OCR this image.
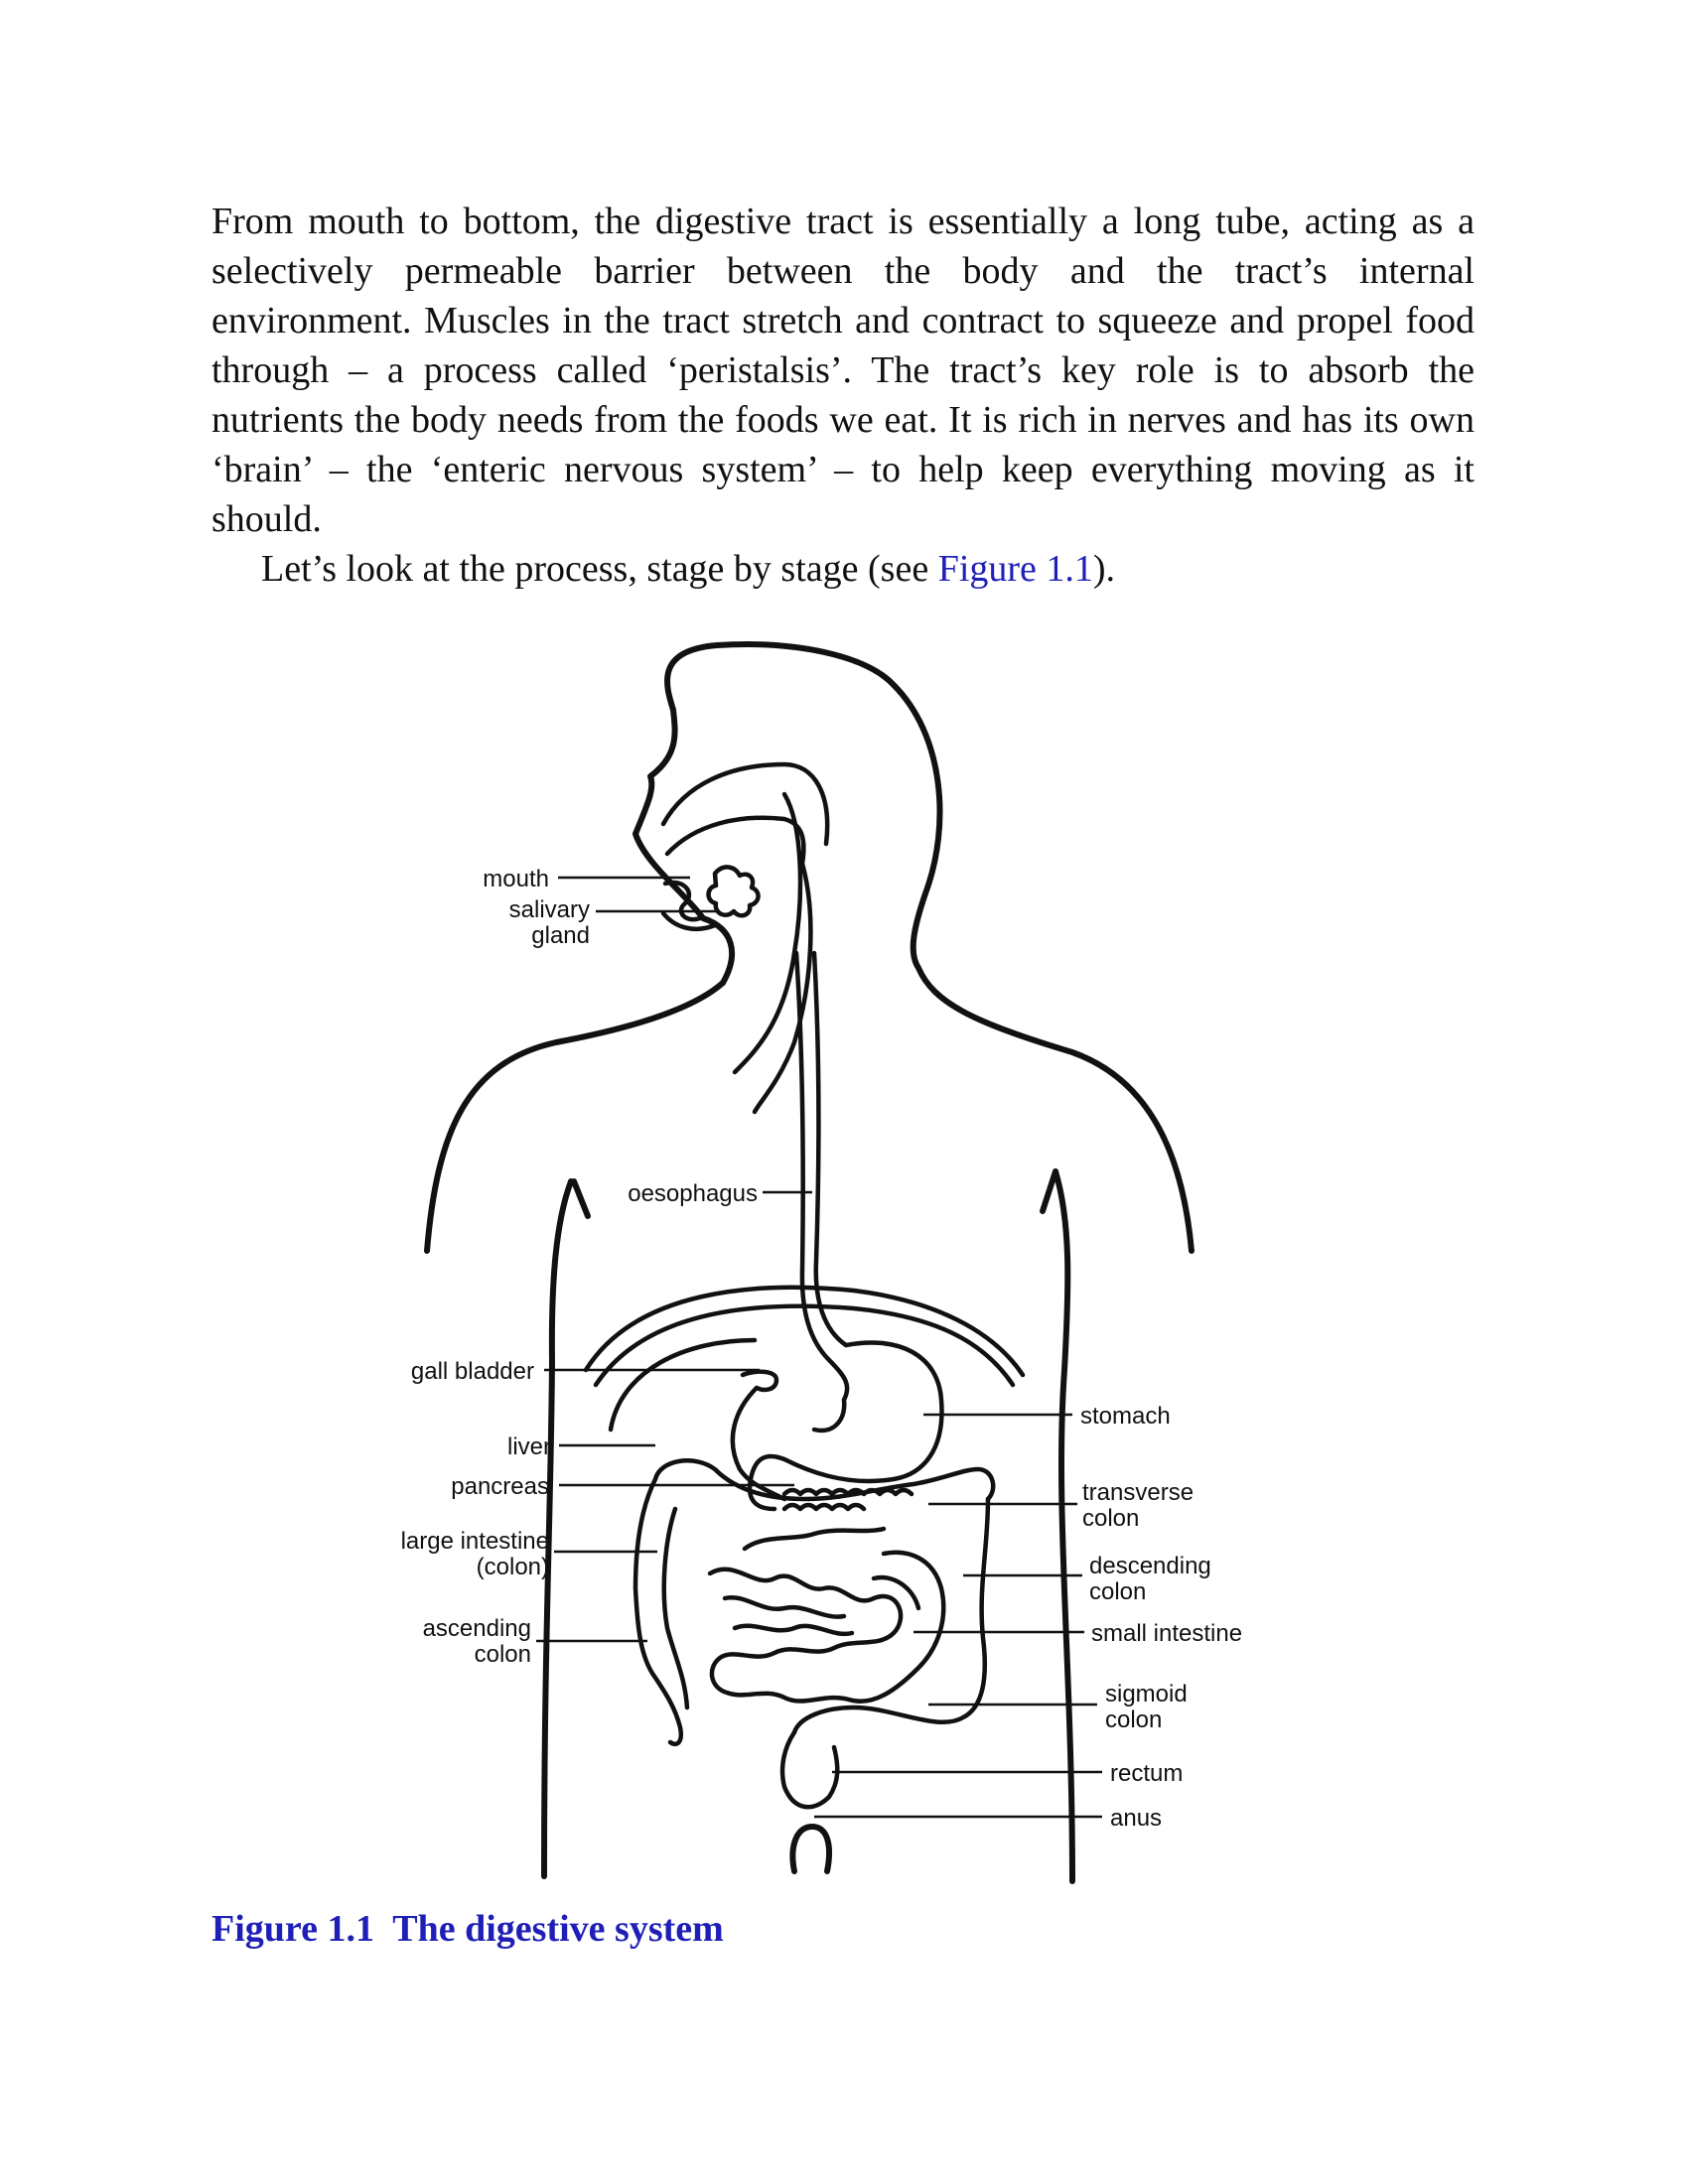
From mouth to bottom, the digestive tract is essentially a long tube, acting as a selectively permeable barrier between the body and the tract’s internal environment. Muscles in the tract stretch and contract to squeeze and propel food through – a process called ‘peristalsis’. The tract’s key role is to absorb the nutrients the body needs from the foods we eat. It is rich in nerves and has its own ‘brain’ – the ‘enteric nervous system’ – to help keep everything moving as it should.

Let’s look at the process, stage by stage (see Figure 1.1).

mouth
salivary
gland
oesophagus
gall bladder
liver
pancreas
large intestine
(colon)
ascending
colon
stomach
transverse
colon
descending
colon
small intestine
sigmoid
colon
rectum
anus

Figure 1.1  The digestive system
